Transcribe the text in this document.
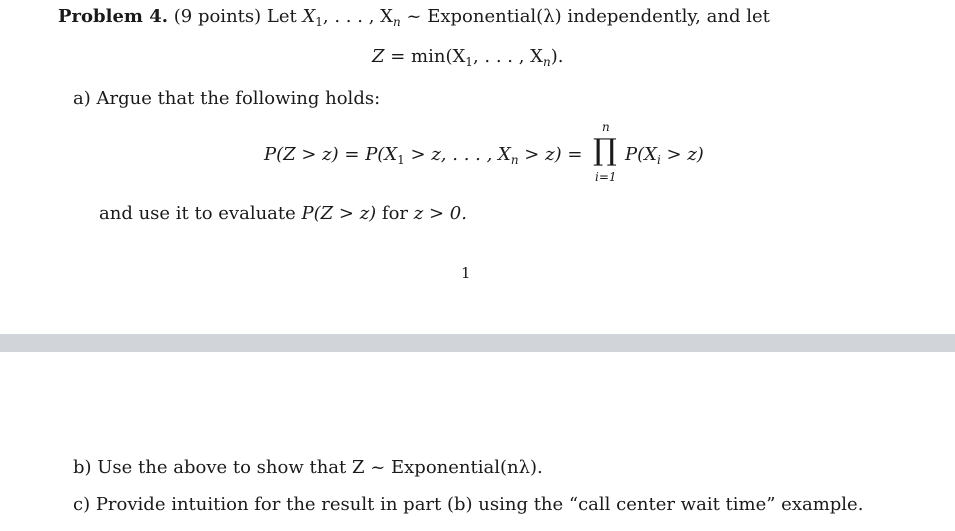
Problem 4. (9 points) Let $X_1$, . . . , $X_n$ ~ Exponential(λ) independently, and let
$Z = \min(X_1$, . . . , $X_n$).
a) Argue that the following holds:
$P(Z > z) = P(X_1 > z$, . . . , $X_n > z$) =
n
∏
i=1
$P(X_i > z)$
and use it to evaluate P(Z > z) for z > 0.
1
b) Use the above to show that Z ~ Exponential(nλ).
c) Provide intuition for the result in part (b) using the “call center wait time” example.
